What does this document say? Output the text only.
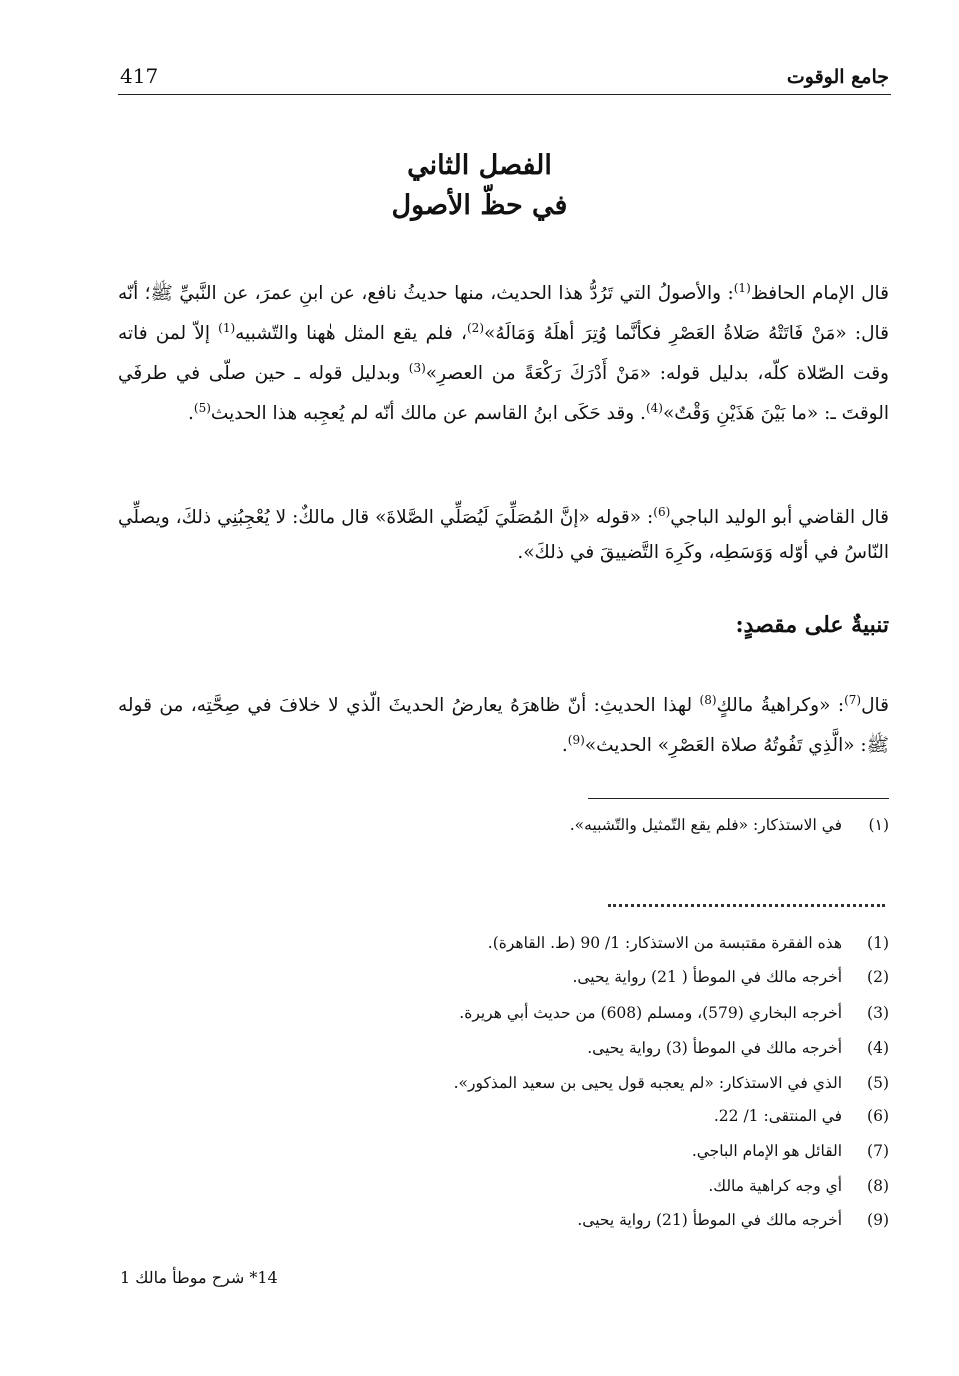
جامع الوقوت
417
الفصل الثاني
في حظّ الأصول
قال الإمام الحافظ$^{(1)}$: والأصولُ التي تَرُدُّ هذا الحديث، منها حديثُ نافع، عن ابنِ عمرَ، عن النَّبيِّ ﷺ؛ أنّه قال: «مَنْ فَاتَتْهُ صَلاةُ العَصْرِ فكأنَّما وُتِرَ أهلَهُ وَمَالَهُ»$^{(2)}$، فلم يقع المثل هٰهنا والتّشبيه$^{(1)}$ إلاّ لمن فاته وقت الصّلاة كلّه، بدليل قوله: «مَنْ أَدْرَكَ رَكْعَةً من العصرِ»$^{(3)}$ وبدليل قوله ـ حين صلّى في طرفَي الوقتَ ـ: «ما بَيْنَ هَذَيْنِ وَقْتٌ»$^{(4)}$. وقد حَكَى ابنُ القاسم عن مالك أنّه لم يُعجِبه هذا الحديث$^{(5)}$.
قال القاضي أبو الوليد الباجي$^{(6)}$: «قوله «إنَّ المُصَلِّيَ لَيُصَلِّي الصَّلاةَ» قال مالكٌ: لا يُعْجِبُنِي ذلكَ، ويصلِّي النّاسُ في أوّله وَوَسَطِه، وكَرِهَ التَّضييقَ في ذلكَ».
تنبيةٌ على مقصدٍ:
قال$^{(7)}$: «وكراهيةُ مالكٍ$^{(8)}$ لهذا الحديثِ: أنّ ظاهرَهُ يعارضُ الحديثَ الّذي لا خلافَ في صِحَّتِه، من قوله ﷺ: «الَّذِي تَفُوتُهُ صلاة العَصْرِ» الحديث»$^{(9)}$.
(١) في الاستذكار: «فلم يقع التّمثيل والتّشبيه».
(1) هذه الفقرة مقتبسة من الاستذكار: 1/ 90 (ط. القاهرة).
(2) أخرجه مالك في الموطأ ( 21) رواية يحيى.
(3) أخرجه البخاري (579)، ومسلم (608) من حديث أبي هريرة.
(4) أخرجه مالك في الموطأ (3) رواية يحيى.
(5) الذي في الاستذكار: «لم يعجبه قول يحيى بن سعيد المذكور».
(6) في المنتقى: 1/ 22.
(7) القائل هو الإمام الباجي.
(8) أي وجه كراهية مالك.
(9) أخرجه مالك في الموطأ (21) رواية يحيى.
14* شرح موطأ مالك 1
